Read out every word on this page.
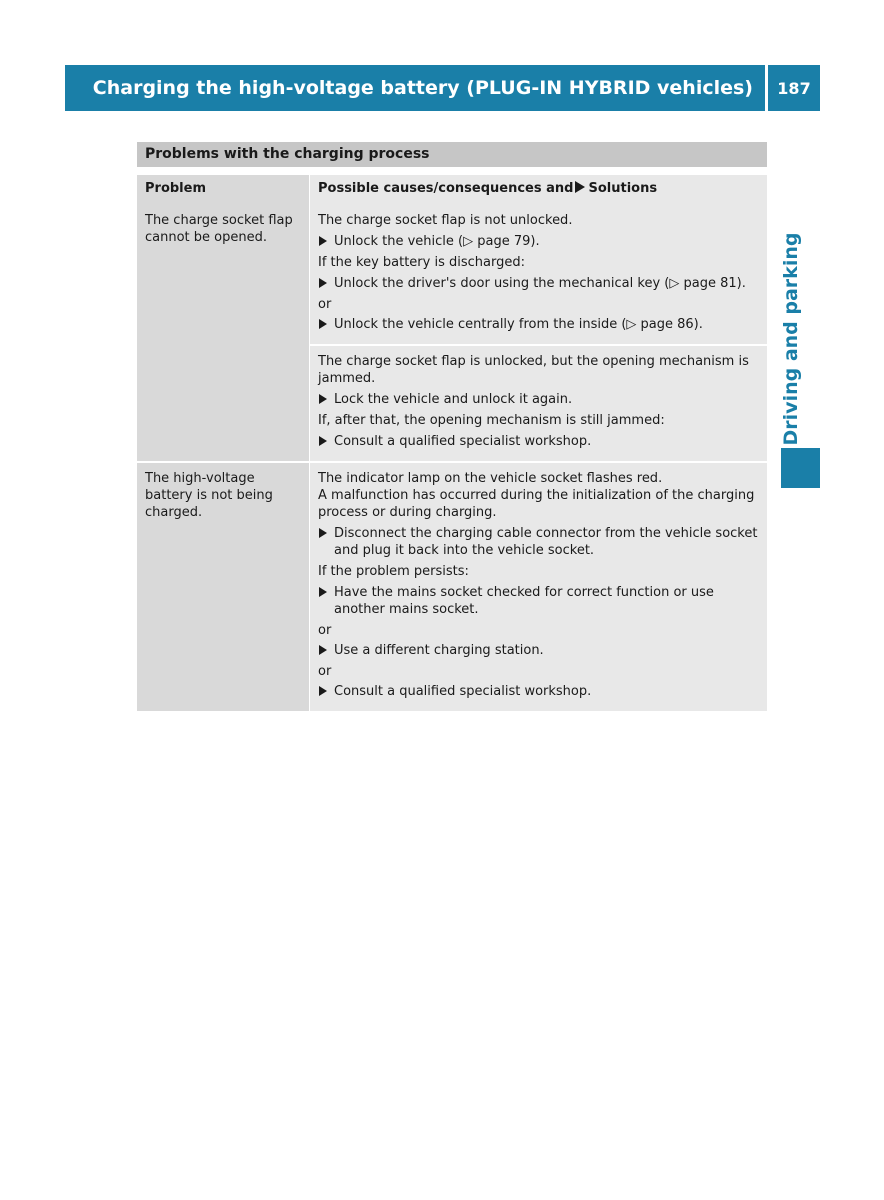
Charging the high-voltage battery (PLUG-IN HYBRID vehicles)	187
Driving and parking
Problems with the charging process
Problem	Possible causes/consequences and Solutions
The charge socket flap cannot be opened.
The charge socket flap is not unlocked.
Unlock the vehicle (▷ page 79).
If the key battery is discharged:
Unlock the driver's door using the mechanical key (▷ page 81).
or
Unlock the vehicle centrally from the inside (▷ page 86).
The charge socket flap is unlocked, but the opening mechanism is jammed.
Lock the vehicle and unlock it again.
If, after that, the opening mechanism is still jammed:
Consult a qualified specialist workshop.
The high-voltage battery is not being charged.
The indicator lamp on the vehicle socket flashes red.
A malfunction has occurred during the initialization of the charging process or during charging.
Disconnect the charging cable connector from the vehicle socket and plug it back into the vehicle socket.
If the problem persists:
Have the mains socket checked for correct function or use another mains socket.
or
Use a different charging station.
or
Consult a qualified specialist workshop.
